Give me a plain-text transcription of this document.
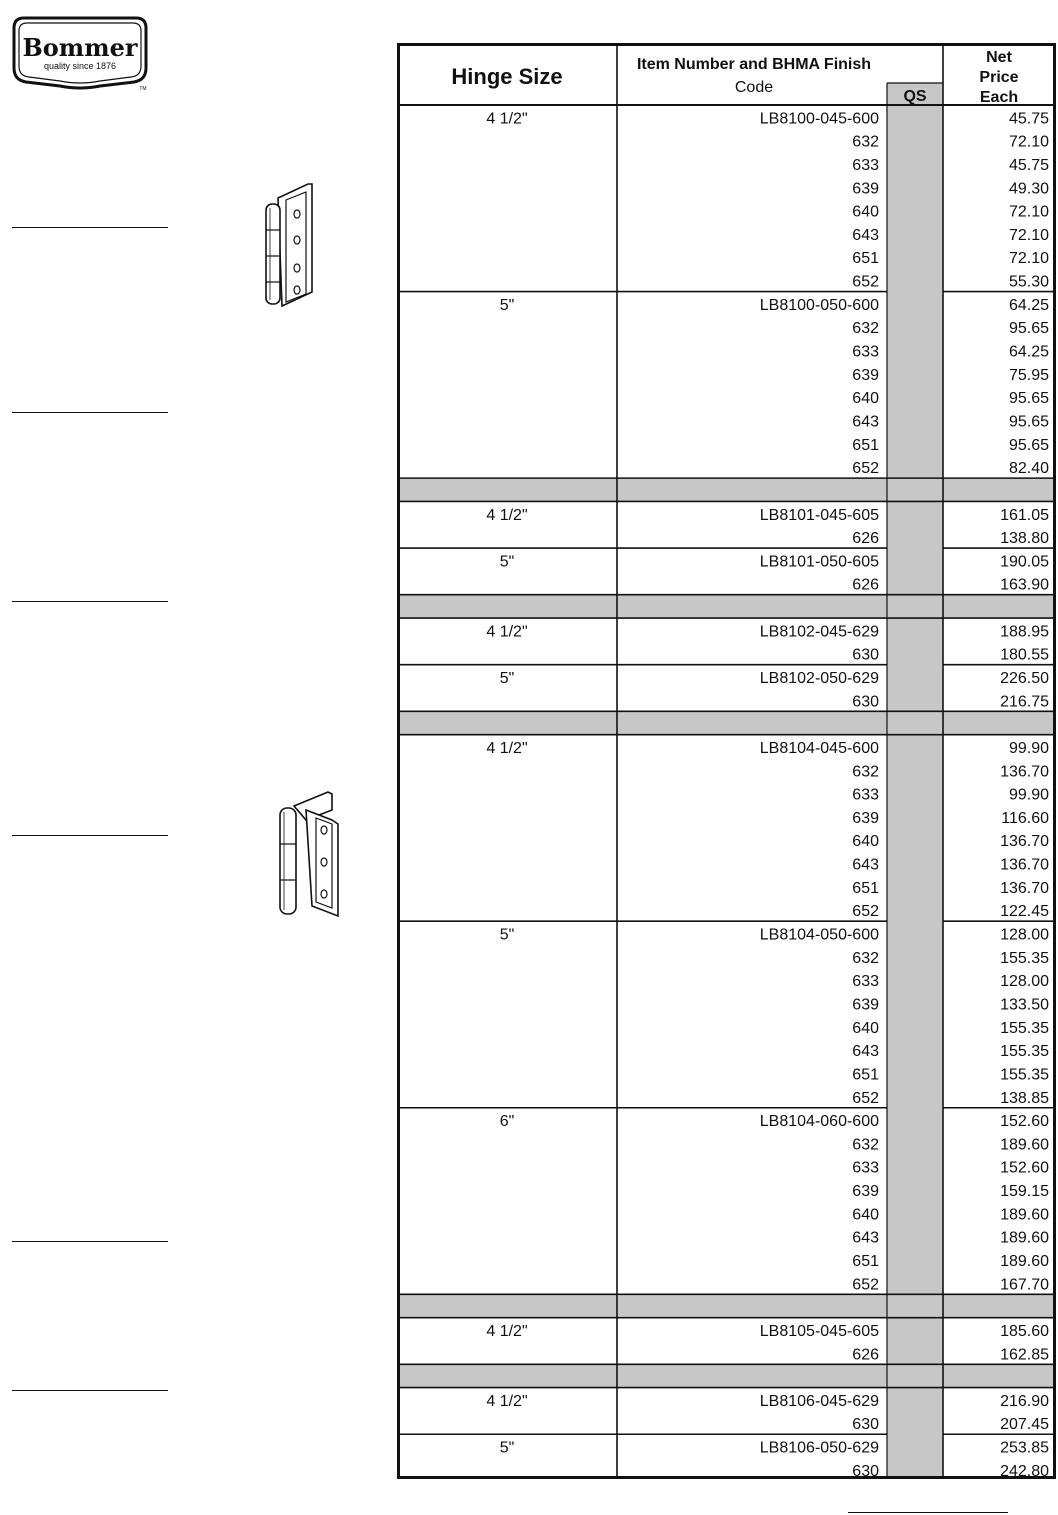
Bommer
quality since 1876
TM	Hinge Size	Item Number and BHMA Finish
Code
QS
Net
Price
Each
4 1/2"	LB8100-045-600	45.75
632	72.10
633	45.75
639	49.30
640	72.10
643	72.10
651	72.10
652	55.30
5"	LB8100-050-600	64.25
632	95.65
633	64.25
639	75.95
640	95.65
643	95.65
651	95.65
652	82.40
4 1/2"	LB8101-045-605	161.05
626	138.80
5"	LB8101-050-605	190.05
626	163.90
4 1/2"	LB8102-045-629	188.95
630	180.55
5"	LB8102-050-629	226.50
630	216.75
4 1/2"	LB8104-045-600	99.90
632	136.70
633	99.90
639	116.60
640	136.70
643	136.70
651	136.70
652	122.45
5"	LB8104-050-600	128.00
632	155.35
633	128.00
639	133.50
640	155.35
643	155.35
651	155.35
652	138.85
6"	LB8104-060-600	152.60
632	189.60
633	152.60
639	159.15
640	189.60
643	189.60
651	189.60
652	167.70
4 1/2"	LB8105-045-605	185.60
626	162.85
4 1/2"	LB8106-045-629	216.90
630	207.45
5"	LB8106-050-629	253.85
630	242.80
